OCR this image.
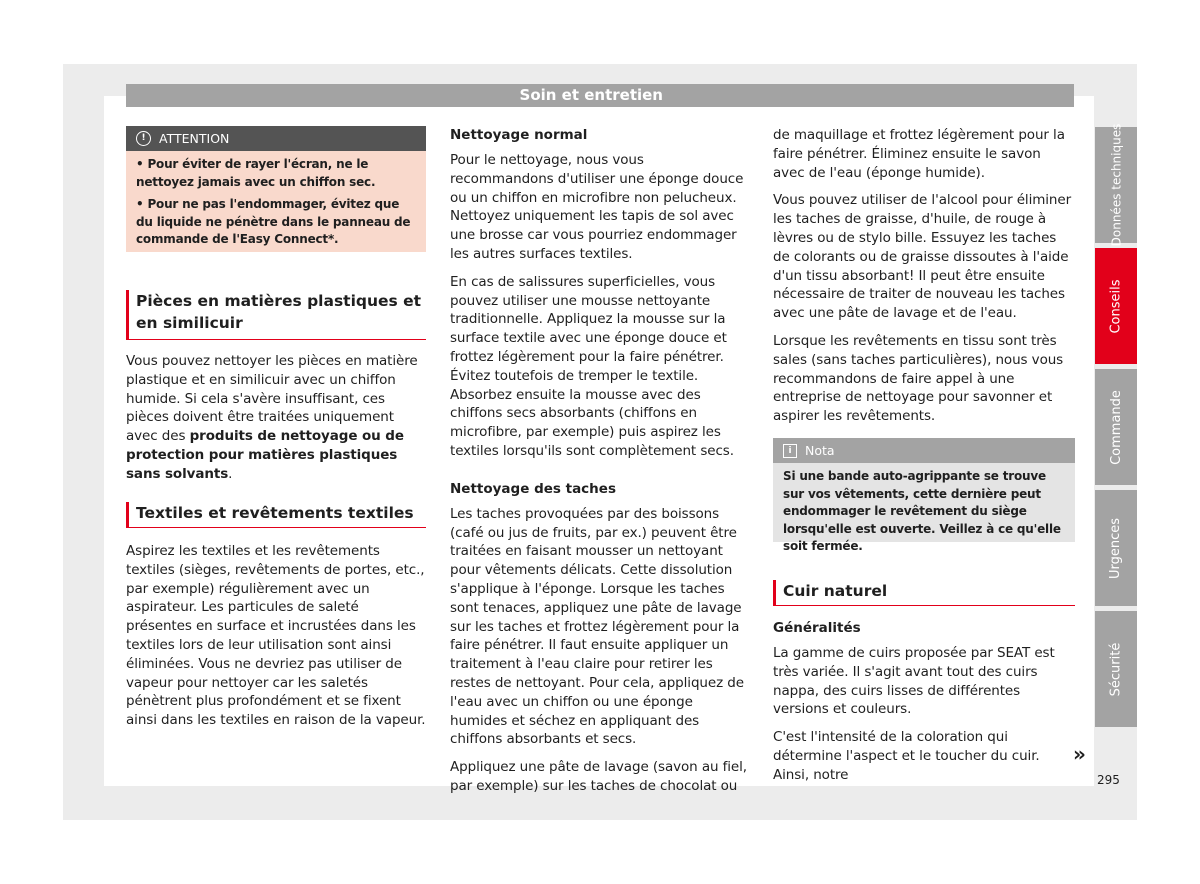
Soin et entretien
!	ATTENTION

• Pour éviter de rayer l'écran, ne le nettoyez jamais avec un chiffon sec.

• Pour ne pas l'endommager, évitez que du liquide ne pénètre dans le panneau de commande de l'Easy Connect*.

Pièces en matières plastiques et en similicuir

Vous pouvez nettoyer les pièces en matière plastique et en similicuir avec un chiffon humide. Si cela s'avère insuffisant, ces pièces doivent être traitées uniquement avec des produits de nettoyage ou de protection pour matières plastiques sans solvants.

Textiles et revêtements textiles

Aspirez les textiles et les revêtements textiles (sièges, revêtements de portes, etc., par exemple) régulièrement avec un aspirateur. Les particules de saleté présentes en surface et incrustées dans les textiles lors de leur utilisation sont ainsi éliminées. Vous ne devriez pas utiliser de vapeur pour nettoyer car les saletés pénètrent plus profondément et se fixent ainsi dans les textiles en raison de la vapeur.

Nettoyage normal

Pour le nettoyage, nous vous recommandons d'utiliser une éponge douce ou un chiffon en microfibre non pelucheux. Nettoyez uniquement les tapis de sol avec une brosse car vous pourriez endommager les autres surfaces textiles.

En cas de salissures superficielles, vous pouvez utiliser une mousse nettoyante traditionnelle. Appliquez la mousse sur la surface textile avec une éponge douce et frottez légèrement pour la faire pénétrer. Évitez toutefois de tremper le textile. Absorbez ensuite la mousse avec des chiffons secs absorbants (chiffons en microfibre, par exemple) puis aspirez les textiles lorsqu'ils sont complètement secs.

Nettoyage des taches

Les taches provoquées par des boissons (café ou jus de fruits, par ex.) peuvent être traitées en faisant mousser un nettoyant pour vêtements délicats. Cette dissolution s'applique à l'éponge. Lorsque les taches sont tenaces, appliquez une pâte de lavage sur les taches et frottez légèrement pour la faire pénétrer. Il faut ensuite appliquer un traitement à l'eau claire pour retirer les restes de nettoyant. Pour cela, appliquez de l'eau avec un chiffon ou une éponge humides et séchez en appliquant des chiffons absorbants et secs.

Appliquez une pâte de lavage (savon au fiel, par exemple) sur les taches de chocolat ou

de maquillage et frottez légèrement pour la faire pénétrer. Éliminez ensuite le savon avec de l'eau (éponge humide).

Vous pouvez utiliser de l'alcool pour éliminer les taches de graisse, d'huile, de rouge à lèvres ou de stylo bille. Essuyez les taches de colorants ou de graisse dissoutes à l'aide d'un tissu absorbant! Il peut être ensuite nécessaire de traiter de nouveau les taches avec une pâte de lavage et de l'eau.

Lorsque les revêtements en tissu sont très sales (sans taches particulières), nous vous recommandons de faire appel à une entreprise de nettoyage pour savonner et aspirer les revêtements.

i	Nota

Si une bande auto-agrippante se trouve sur vos vêtements, cette dernière peut endommager le revêtement du siège lorsqu'elle est ouverte. Veillez à ce qu'elle soit fermée.

Cuir naturel
Généralités

La gamme de cuirs proposée par SEAT est très variée. Il s'agit avant tout des cuirs nappa, des cuirs lisses de différentes versions et couleurs.

C'est l'intensité de la coloration qui détermine l'aspect et le toucher du cuir. Ainsi, notre

»
Données techniques
Conseils
Commande
Urgences
Sécurité
295
